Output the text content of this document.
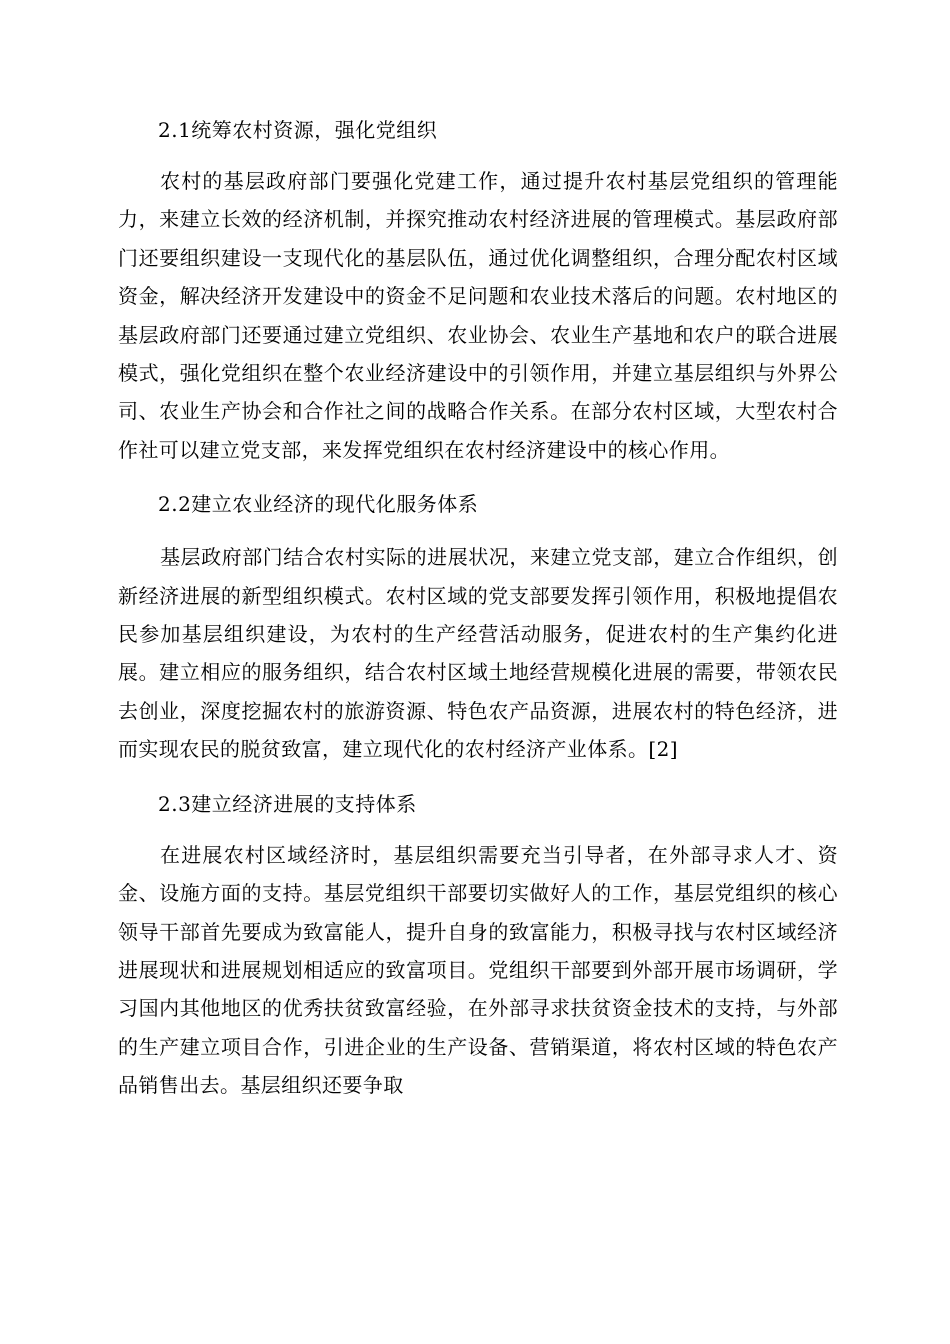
2.1统筹农村资源，强化党组织

农村的基层政府部门要强化党建工作，通过提升农村基层党组织的管理能力，来建立长效的经济机制，并探究推动农村经济进展的管理模式。基层政府部门还要组织建设一支现代化的基层队伍，通过优化调整组织，合理分配农村区域资金，解决经济开发建设中的资金不足问题和农业技术落后的问题。农村地区的基层政府部门还要通过建立党组织、农业协会、农业生产基地和农户的联合进展模式，强化党组织在整个农业经济建设中的引领作用，并建立基层组织与外界公司、农业生产协会和合作社之间的战略合作关系。在部分农村区域，大型农村合作社可以建立党支部，来发挥党组织在农村经济建设中的核心作用。

2.2建立农业经济的现代化服务体系

基层政府部门结合农村实际的进展状况，来建立党支部，建立合作组织，创新经济进展的新型组织模式。农村区域的党支部要发挥引领作用，积极地提倡农民参加基层组织建设，为农村的生产经营活动服务，促进农村的生产集约化进展。建立相应的服务组织，结合农村区域土地经营规模化进展的需要，带领农民去创业，深度挖掘农村的旅游资源、特色农产品资源，进展农村的特色经济，进而实现农民的脱贫致富，建立现代化的农村经济产业体系。[2]

2.3建立经济进展的支持体系

在进展农村区域经济时，基层组织需要充当引导者，在外部寻求人才、资金、设施方面的支持。基层党组织干部要切实做好人的工作，基层党组织的核心领导干部首先要成为致富能人，提升自身的致富能力，积极寻找与农村区域经济进展现状和进展规划相适应的致富项目。党组织干部要到外部开展市场调研，学习国内其他地区的优秀扶贫致富经验，在外部寻求扶贫资金技术的支持，与外部的生产建立项目合作，引进企业的生产设备、营销渠道，将农村区域的特色农产品销售出去。基层组织还要争取
